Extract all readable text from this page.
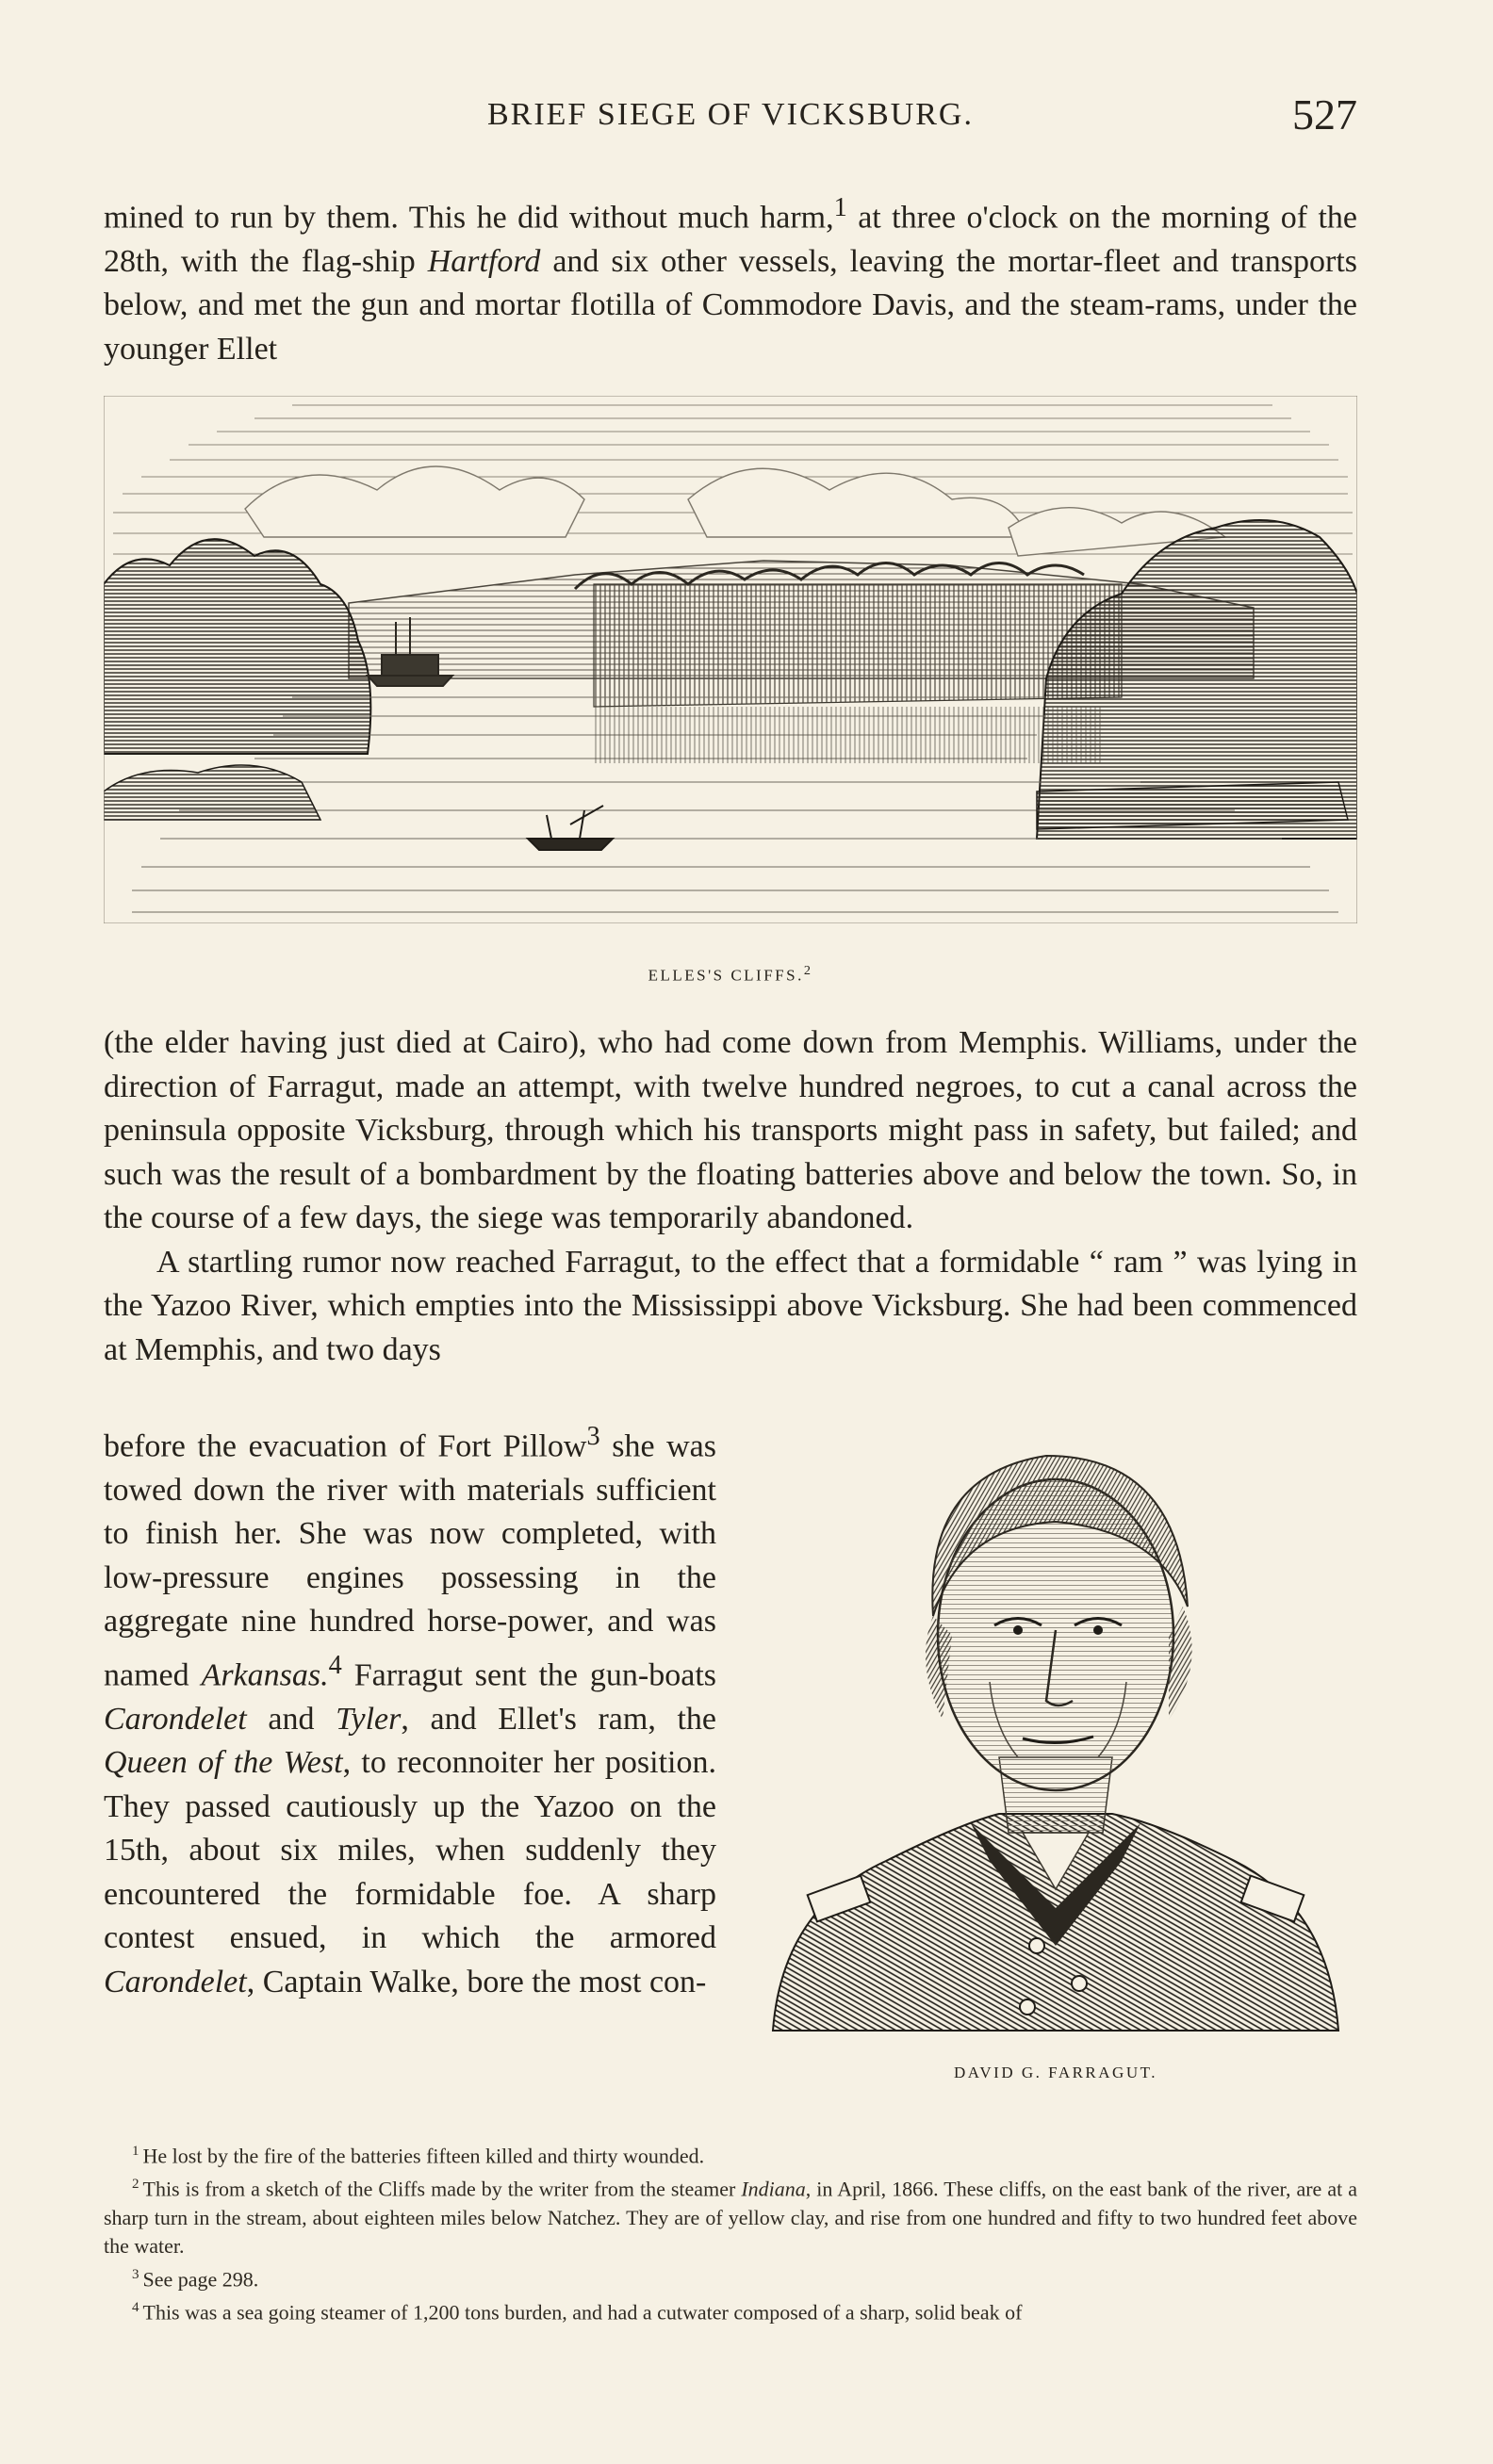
BRIEF SIEGE OF VICKSBURG.	527

mined to run by them. This he did without much harm,$^1$ at three o'clock on the morning of the 28th, with the flag-ship Hartford and six other vessels, leaving the mortar-fleet and transports below, and met the gun and mortar flotilla of Commodore Davis, and the steam-rams, under the younger Ellet

ELLES'S CLIFFS.$^2$

(the elder having just died at Cairo), who had come down from Memphis. Williams, under the direction of Farragut, made an attempt, with twelve hundred negroes, to cut a canal across the peninsula opposite Vicksburg, through which his transports might pass in safety, but failed; and such was the result of a bombardment by the floating batteries above and below the town. So, in the course of a few days, the siege was temporarily abandoned.

A startling rumor now reached Farragut, to the effect that a formidable “ ram ” was lying in the Yazoo River, which empties into the Mississippi above Vicksburg. She had been commenced at Memphis, and two days

before the evacuation of Fort Pillow$^3$ she was towed down the river with materials sufficient to finish her. She was now completed, with low-pressure engines possessing in the aggregate nine hundred horse-power, and was named Arkansas.$^4$ Farragut sent the gun-boats Carondelet and Tyler, and Ellet's ram, the Queen of the West, to reconnoiter her position. They passed cautiously up the Yazoo on the 15th, about six miles, when suddenly they encountered the formidable foe. A sharp contest ensued, in which the armored Carondelet, Captain Walke, bore the most con-

DAVID G. FARRAGUT.

$^1$ He lost by the fire of the batteries fifteen killed and thirty wounded.

$^2$ This is from a sketch of the Cliffs made by the writer from the steamer Indiana, in April, 1866. These cliffs, on the east bank of the river, are at a sharp turn in the stream, about eighteen miles below Natchez. They are of yellow clay, and rise from one hundred and fifty to two hundred feet above the water.

$^3$ See page 298.

$^4$ This was a sea going steamer of 1,200 tons burden, and had a cutwater composed of a sharp, solid beak of
